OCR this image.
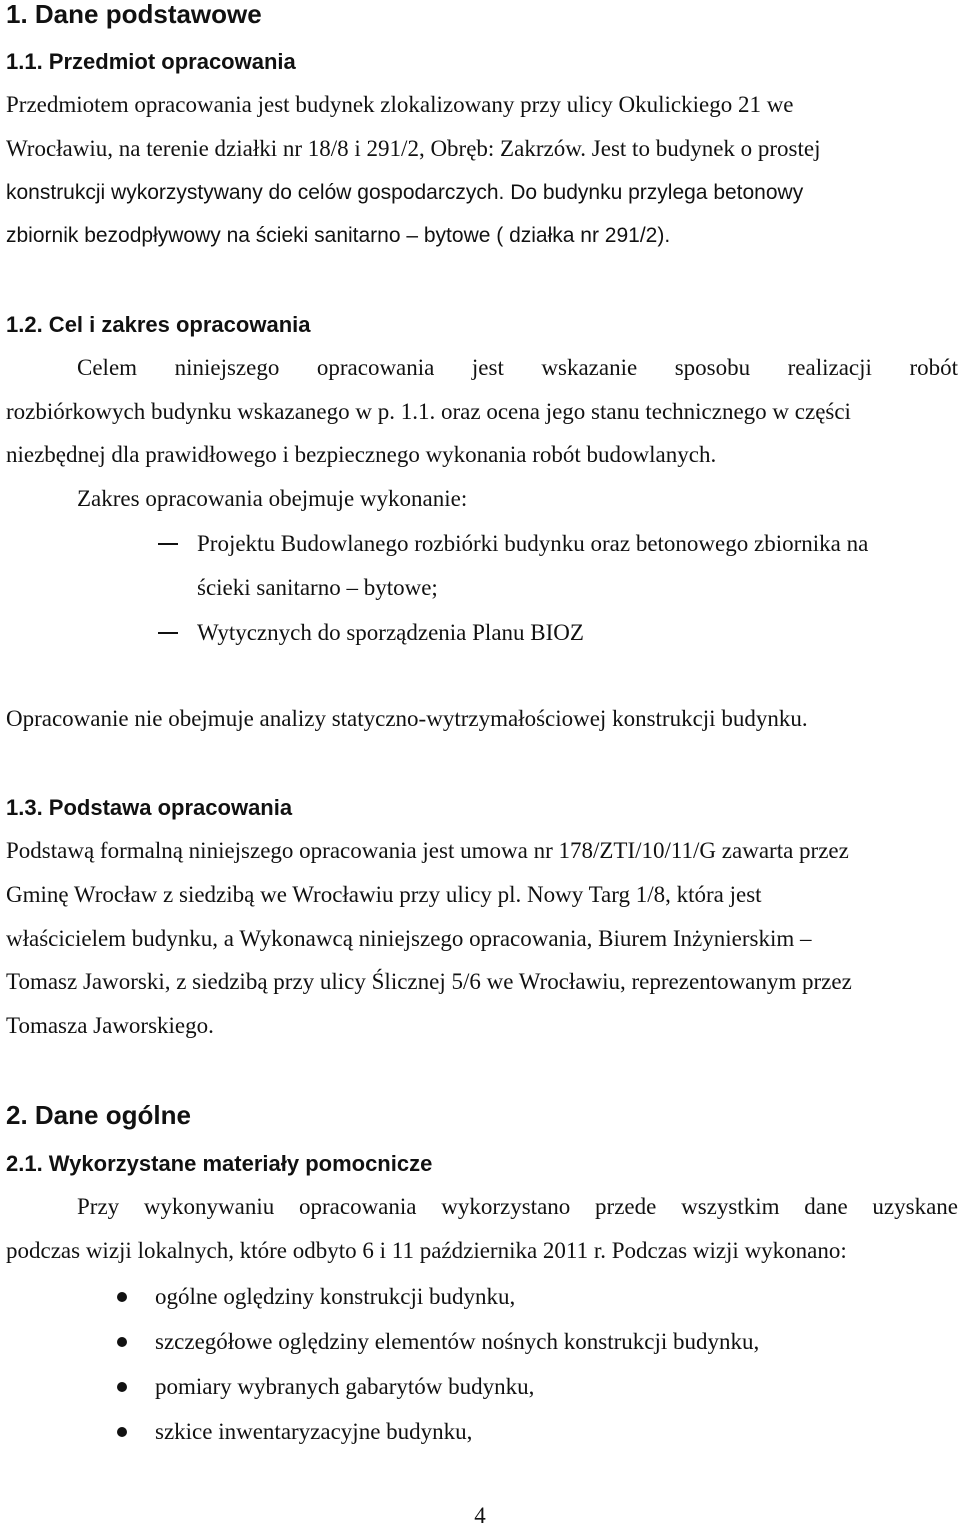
1. Dane podstawowe
1.1. Przedmiot opracowania
Przedmiotem opracowania jest budynek zlokalizowany przy ulicy Okulickiego 21 we
Wrocławiu, na terenie działki nr 18/8 i 291/2, Obręb: Zakrzów. Jest to budynek o prostej
konstrukcji wykorzystywany do celów gospodarczych. Do budynku przylega betonowy
zbiornik bezodpływowy na ścieki sanitarno – bytowe ( działka nr 291/2).
1.2. Cel i zakres opracowania
Celem niniejszego opracowania jest wskazanie sposobu realizacji robót
rozbiórkowych budynku wskazanego w p. 1.1. oraz ocena jego stanu technicznego w części
niezbędnej dla prawidłowego i bezpiecznego wykonania robót budowlanych.
Zakres opracowania obejmuje wykonanie:
Projektu Budowlanego rozbiórki budynku oraz betonowego zbiornika na
ścieki sanitarno – bytowe;
Wytycznych do sporządzenia Planu BIOZ
Opracowanie nie obejmuje analizy statyczno-wytrzymałościowej konstrukcji budynku.
1.3. Podstawa opracowania
Podstawą formalną niniejszego opracowania jest umowa nr 178/ZTI/10/11/G zawarta przez
Gminę Wrocław z siedzibą we Wrocławiu przy ulicy pl. Nowy Targ 1/8, która jest
właścicielem budynku, a Wykonawcą niniejszego opracowania, Biurem Inżynierskim –
Tomasz Jaworski, z siedzibą przy ulicy Ślicznej 5/6 we Wrocławiu, reprezentowanym przez
Tomasza Jaworskiego.
2. Dane ogólne
2.1. Wykorzystane materiały pomocnicze
Przy wykonywaniu opracowania wykorzystano przede wszystkim dane uzyskane
podczas wizji lokalnych, które odbyto 6 i 11 października 2011 r. Podczas wizji wykonano:
ogólne oględziny konstrukcji budynku,
szczegółowe oględziny elementów nośnych konstrukcji budynku,
pomiary wybranych gabarytów budynku,
szkice inwentaryzacyjne budynku,
4
